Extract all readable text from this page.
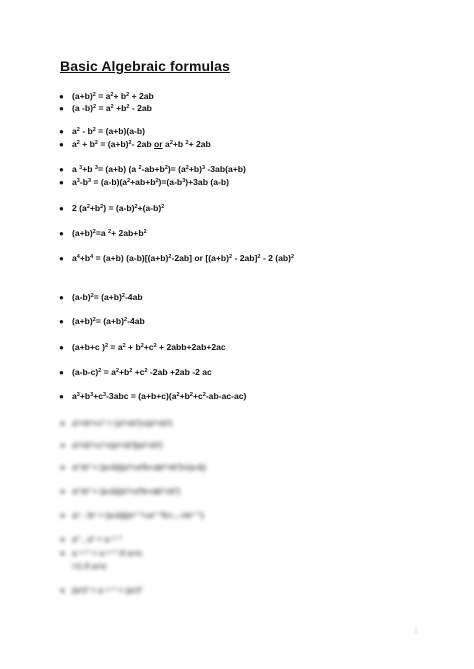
Basic Algebraic formulas
● $(a+b)^2 = a^2+ b^2 + 2ab$
● (a $-b)^2 = a^2 +b^2 - 2ab$
● $a^2 - b^2 = (a+b)(a-b)$
● $a^2 + b^2 = (a+b)^2-$ 2ab or $a^2+b$ $^2$+ 2ab
● a $^3$+b $^3$= (a+b) (a $^2-ab+b^2)= (a^2+b)^3$ -3ab(a+b)
● $a^3-b^3 = (a-b)(a^2+ab+b^2)=(a-b^3)+3ab$ (a-b)
● 2 $(a^2+b^2) = (a-b)^2+(a-b)^2$
● $(a+b)^2=a$ $^2+ 2ab+b^2$
● $a^4+b^4 = (a+b)$ $(a-b)[(a+b)^2-2ab]$ or $[(a+b)^2 - 2ab]^2 - 2$ (ab)$^2$
● $(a-b)^2= (a+b)^2-4ab$
● $(a+b)^2= (a+b)^2-4ab$
● (a+b+c )$^2 = a^2 + b^2+c^2 + 2abb+2ab+2ac$
● $(a-b-c)^2 = a^2+b^2 +c^2$ -2ab +2ab -2 ac
● $a^3+b^3+c^3-3abc = (a+b+c)(a^2+b^2+c^2-ab-ac-ac)$
● a³+b³+c³ = (a³+b³)+(a³+b³)
● a³+b³+c³+(a²+b²)(a²+b²)
● a³-b³ = (a+b)(a³+a²b+ab²+b³)+(a-b)
● a³-b³ = (a-b)(a³+a²b+ab²+b³)
● aⁿ - bⁿ = (a-b)(aⁿ⁻¹+aⁿ⁻²b+...+bⁿ⁻¹)
● a° , a¹ = a ⁿ⁻¹
● a ⁿ⁻¹ = a ⁿ⁻¹ if a=n
=1 if a=n
● (aⁿ)³ = a ⁿ⁻¹ = (aⁿ)³
1
